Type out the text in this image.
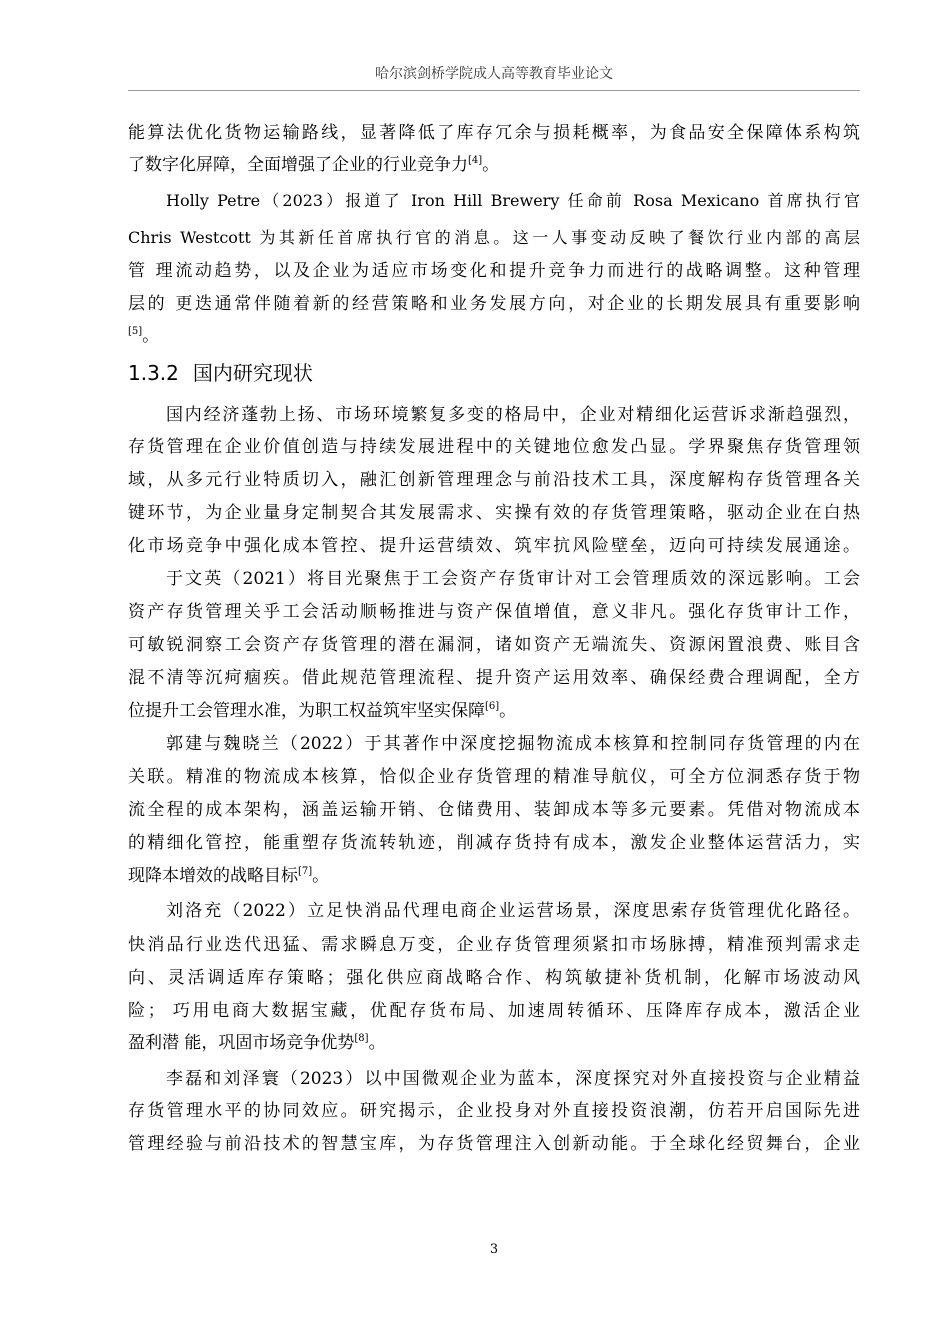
哈尔滨剑桥学院成人高等教育毕业论文
能算法优化货物运输路线，显著降低了库存冗余与损耗概率，为食品安全保障体系构筑
了数字化屏障，全面增强了企业的行业竞争力[4]。
Holly Petre（2023）报道了 Iron Hill Brewery 任命前 Rosa Mexicano 首席执行官
Chris Westcott 为其新任首席执行官的消息。这一人事变动反映了餐饮行业内部的高层
管 理流动趋势，以及企业为适应市场变化和提升竞争力而进行的战略调整。这种管理
层的 更迭通常伴随着新的经营策略和业务发展方向，对企业的长期发展具有重要影响
[5]。
1.3.2 国内研究现状
国内经济蓬勃上扬、市场环境繁复多变的格局中，企业对精细化运营诉求渐趋强烈，
存货管理在企业价值创造与持续发展进程中的关键地位愈发凸显。学界聚焦存货管理领
域，从多元行业特质切入，融汇创新管理理念与前沿技术工具，深度解构存货管理各关
键环节，为企业量身定制契合其发展需求、实操有效的存货管理策略，驱动企业在白热
化市场竞争中强化成本管控、提升运营绩效、筑牢抗风险壁垒，迈向可持续发展通途。
于文英（2021）将目光聚焦于工会资产存货审计对工会管理质效的深远影响。工会
资产存货管理关乎工会活动顺畅推进与资产保值增值，意义非凡。强化存货审计工作，
可敏锐洞察工会资产存货管理的潜在漏洞，诸如资产无端流失、资源闲置浪费、账目含
混不清等沉疴痼疾。借此规范管理流程、提升资产运用效率、确保经费合理调配，全方
位提升工会管理水准，为职工权益筑牢坚实保障[6]。
郭建与魏晓兰（2022）于其著作中深度挖掘物流成本核算和控制同存货管理的内在
关联。精准的物流成本核算，恰似企业存货管理的精准导航仪，可全方位洞悉存货于物
流全程的成本架构，涵盖运输开销、仓储费用、装卸成本等多元要素。凭借对物流成本
的精细化管控，能重塑存货流转轨迹，削减存货持有成本，激发企业整体运营活力，实
现降本增效的战略目标[7]。
刘洛充（2022）立足快消品代理电商企业运营场景，深度思索存货管理优化路径。
快消品行业迭代迅猛、需求瞬息万变，企业存货管理须紧扣市场脉搏，精准预判需求走
向、灵活调适库存策略；强化供应商战略合作、构筑敏捷补货机制，化解市场波动风
险； 巧用电商大数据宝藏，优配存货布局、加速周转循环、压降库存成本，激活企业
盈利潜 能，巩固市场竞争优势[8]。
李磊和刘泽寰（2023）以中国微观企业为蓝本，深度探究对外直接投资与企业精益
存货管理水平的协同效应。研究揭示，企业投身对外直接投资浪潮，仿若开启国际先进
管理经验与前沿技术的智慧宝库，为存货管理注入创新动能。于全球化经贸舞台，企业
3
